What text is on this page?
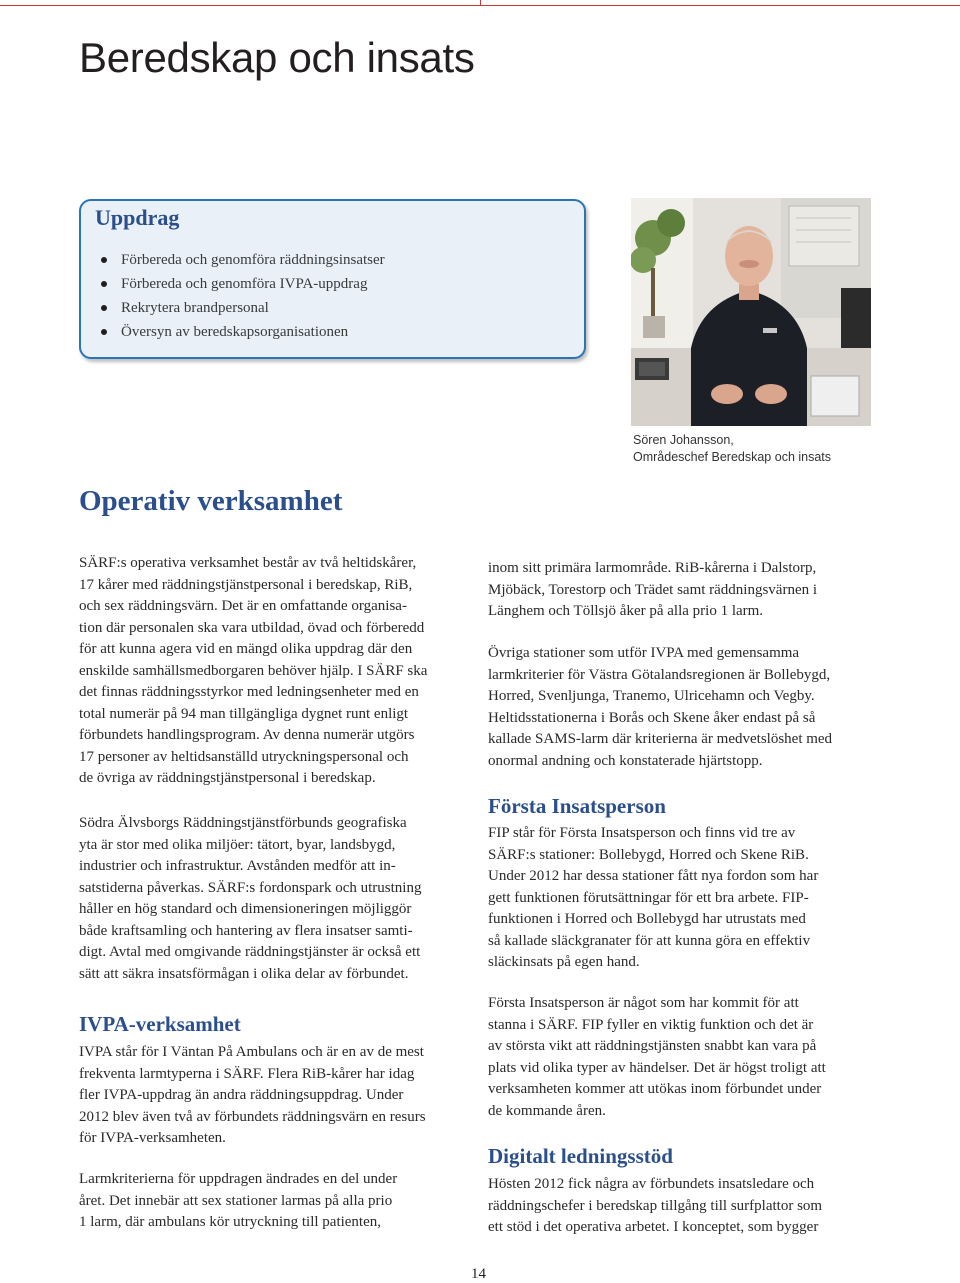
Beredskap och insats
Uppdrag
Förbereda och genomföra räddningsinsatser
Förbereda och genomföra IVPA-uppdrag
Rekrytera brandpersonal
Översyn av beredskapsorganisationen
Sören Johansson,
Områdeschef Beredskap och insats
Operativ verksamhet
SÄRF:s operativa verksamhet består av två heltidskårer,
17 kårer med räddningstjänstpersonal i beredskap, RiB,
och sex räddningsvärn. Det är en omfattande organisa-
tion där personalen ska vara utbildad, övad och förberedd
för att kunna agera vid en mängd olika uppdrag där den
enskilde samhällsmedborgaren behöver hjälp. I SÄRF ska
det finnas räddningsstyrkor med ledningsenheter med en
total numerär på 94 man tillgängliga dygnet runt enligt
förbundets handlingsprogram. Av denna numerär utgörs
17 personer av heltidsanställd utryckningspersonal och
de övriga av räddningstjänstpersonal i beredskap.
Södra Älvsborgs Räddningstjänstförbunds geografiska
yta är stor med olika miljöer: tätort, byar, landsbygd,
industrier och infrastruktur. Avstånden medför att in-
satstiderna påverkas. SÄRF:s fordonspark och utrustning
håller en hög standard och dimensioneringen möjliggör
både kraftsamling och hantering av flera insatser samti-
digt. Avtal med omgivande räddningstjänster är också ett
sätt att säkra insatsförmågan i olika delar av förbundet.
IVPA-verksamhet
IVPA står för I Väntan På Ambulans och är en av de mest
frekventa larmtyperna i SÄRF. Flera RiB-kårer har idag
fler IVPA-uppdrag än andra räddningsuppdrag. Under
2012 blev även två av förbundets räddningsvärn en resurs
för IVPA-verksamheten.
Larmkriterierna för uppdragen ändrades en del under
året. Det innebär att sex stationer larmas på alla prio
1 larm, där ambulans kör utryckning till patienten,
inom sitt primära larmområde. RiB-kårerna i Dalstorp,
Mjöbäck, Torestorp och Trädet samt räddningsvärnen i
Länghem och Töllsjö åker på alla prio 1 larm.
Övriga stationer som utför IVPA med gemensamma
larmkriterier för Västra Götalandsregionen är Bollebygd,
Horred, Svenljunga, Tranemo, Ulricehamn och Vegby.
Heltidsstationerna i Borås och Skene åker endast på så
kallade SAMS-larm där kriterierna är medvetslöshet med
onormal andning och konstaterade hjärtstopp.
Första Insatsperson
FIP står för Första Insatsperson och finns vid tre av
SÄRF:s stationer: Bollebygd, Horred och Skene RiB.
Under 2012 har dessa stationer fått nya fordon som har
gett funktionen förutsättningar för ett bra arbete. FIP-
funktionen i Horred och Bollebygd har utrustats med
så kallade släckgranater för att kunna göra en effektiv
släckinsats på egen hand.
Första Insatsperson är något som har kommit för att
stanna i SÄRF. FIP fyller en viktig funktion och det är
av största vikt att räddningstjänsten snabbt kan vara på
plats vid olika typer av händelser. Det är högst troligt att
verksamheten kommer att utökas inom förbundet under
de kommande åren.
Digitalt ledningsstöd
Hösten 2012 fick några av förbundets insatsledare och
räddningschefer i beredskap tillgång till surfplattor som
ett stöd i det operativa arbetet. I konceptet, som bygger
14
